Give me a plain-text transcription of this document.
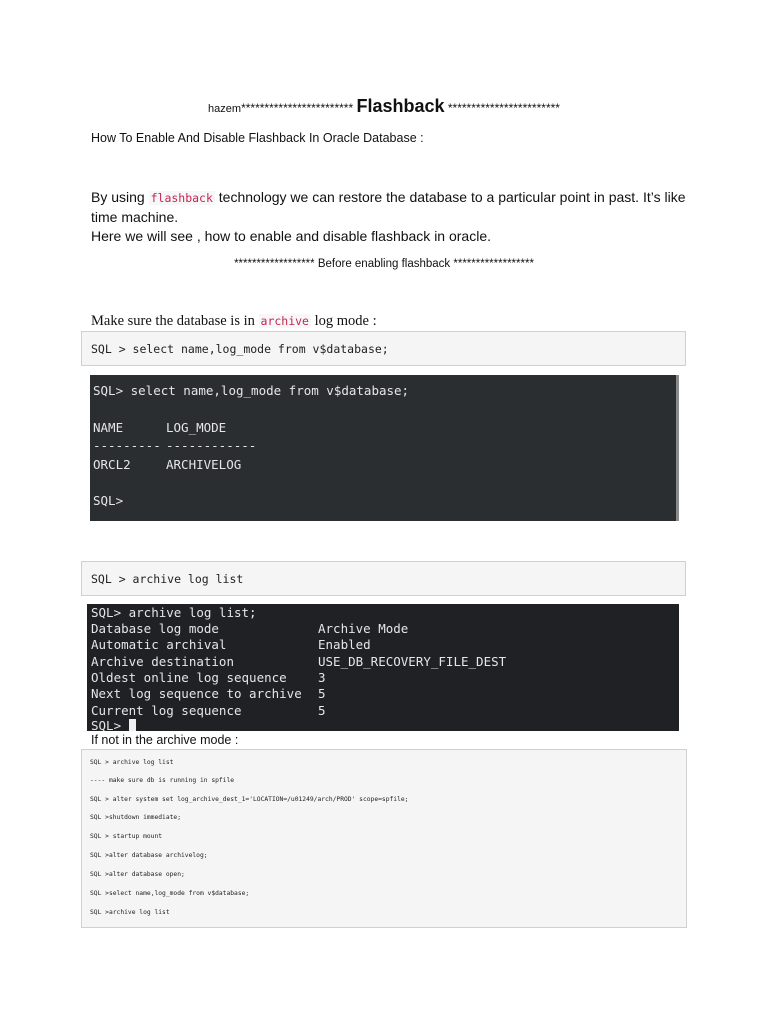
hazem************************ Flashback ************************
How To Enable And Disable Flashback In Oracle Database :
By using flashback technology we can restore the database to a particular point in past. It’s like time machine.
Here we will see , how to enable and disable flashback in oracle.
****************** Before enabling flashback ******************
Make sure the database is in archive log mode :
SQL > select name,log_mode from v$database;
SQL> select name,log_mode from v$database;
NAME	LOG_MODE
--------- ------------
ORCL2	ARCHIVELOG
SQL>
SQL > archive log list
SQL> archive log list;
Database log mode	Archive Mode
Automatic archival	Enabled
Archive destination	USE_DB_RECOVERY_FILE_DEST
Oldest online log sequence	3
Next log sequence to archive 5
Current log sequence	5
SQL>
If not in the archive mode :
SQL > archive log list
---- make sure db is running in spfile
SQL > alter system set log_archive_dest_1='LOCATION=/u01249/arch/PROD' scope=spfile;
SQL >shutdown immediate;
SQL > startup mount
SQL >alter database archivelog;
SQL >alter database open;
SQL >select name,log_mode from v$database;
SQL >archive log list
